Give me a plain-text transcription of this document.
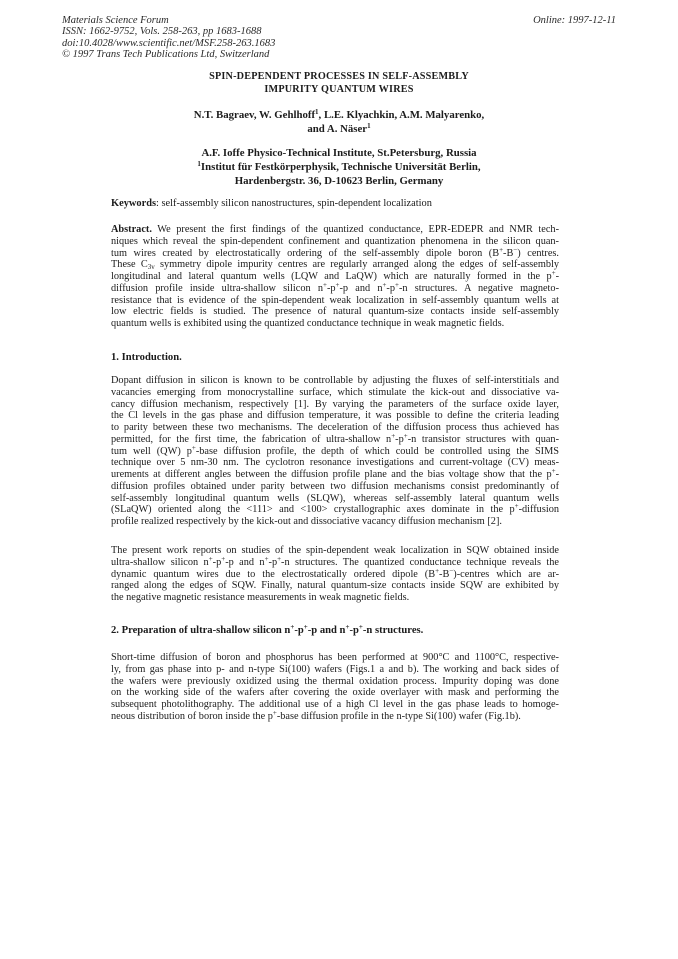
Materials Science Forum
ISSN: 1662-9752, Vols. 258-263, pp 1683-1688
doi:10.4028/www.scientific.net/MSF.258-263.1683
© 1997 Trans Tech Publications Ltd, Switzerland
Online: 1997-12-11
SPIN-DEPENDENT PROCESSES IN SELF-ASSEMBLY
IMPURITY QUANTUM WIRES
N.T. Bagraev, W. Gehlhoff$^1$, L.E. Klyachkin, A.M. Malyarenko,
and A. Näser$^1$
A.F. Ioffe Physico-Technical Institute, St.Petersburg, Russia
$^1$Institut für Festkörperphysik, Technische Universität Berlin,
Hardenbergstr. 36, D-10623 Berlin, Germany
Keywords: self-assembly silicon nanostructures, spin-dependent localization
Abstract. We present the first findings of the quantized conductance, EPR-EDEPR and NMR tech-
niques which reveal the spin-dependent confinement and quantization phenomena in the silicon quan-
tum wires created by electrostatically ordering of the self-assembly dipole boron (B+-B−) centres.
These $C_{3v}$ symmetry dipole impurity centres are regularly arranged along the edges of self-assembly
longitudinal and lateral quantum wells (LQW and LaQW) which are naturally formed in the p+-
diffusion profile inside ultra-shallow silicon n+-p+-p and n+-p+-n structures. A negative magneto-
resistance that is evidence of the spin-dependent weak localization in self-assembly quantum wells at
low electric fields is studied. The presence of natural quantum-size contacts inside self-assembly
quantum wells is exhibited using the quantized conductance technique in weak magnetic fields.
1. Introduction.
Dopant diffusion in silicon is known to be controllable by adjusting the fluxes of self-interstitials and
vacancies emerging from monocrystalline surface, which stimulate the kick-out and dissociative va-
cancy diffusion mechanism, respectively [1]. By varying the parameters of the surface oxide layer,
the Cl levels in the gas phase and diffusion temperature, it was possible to define the criteria leading
to parity between these two mechanisms. The deceleration of the diffusion process thus achieved has
permitted, for the first time, the fabrication of ultra-shallow n+-p+-n transistor structures with quan-
tum well (QW) p+-base diffusion profile, the depth of which could be controlled using the SIMS
technique over 5 nm-30 nm. The cyclotron resonance investigations and current-voltage (CV) meas-
urements at different angles between the diffusion profile plane and the bias voltage show that the p+-
diffusion profiles obtained under parity between two diffusion mechanisms consist predominantly of
self-assembly longitudinal quantum wells (SLQW), whereas self-assembly lateral quantum wells
(SLaQW) oriented along the <111> and <100> crystallographic axes dominate in the p+-diffusion
profile realized respectively by the kick-out and dissociative vacancy diffusion mechanism [2].
The present work reports on studies of the spin-dependent weak localization in SQW obtained inside
ultra-shallow silicon n+-p+-p and n+-p+-n structures. The quantized conductance technique reveals the
dynamic quantum wires due to the electrostatically ordered dipole (B+-B−)-centres which are ar-
ranged along the edges of SQW. Finally, natural quantum-size contacts inside SQW are exhibited by
the negative magnetic resistance measurements in weak magnetic fields.
2. Preparation of ultra-shallow silicon n+-p+-p and n+-p+-n structures.
Short-time diffusion of boron and phosphorus has been performed at 900°C and 1100°C, respective-
ly, from gas phase into p- and n-type Si(100) wafers (Figs.1 a and b). The working and back sides of
the wafers were previously oxidized using the thermal oxidation process. Impurity doping was done
on the working side of the wafers after covering the oxide overlayer with mask and performing the
subsequent photolithography. The additional use of a high Cl level in the gas phase leads to homoge-
neous distribution of boron inside the p+-base diffusion profile in the n-type Si(100) wafer (Fig.1b).
